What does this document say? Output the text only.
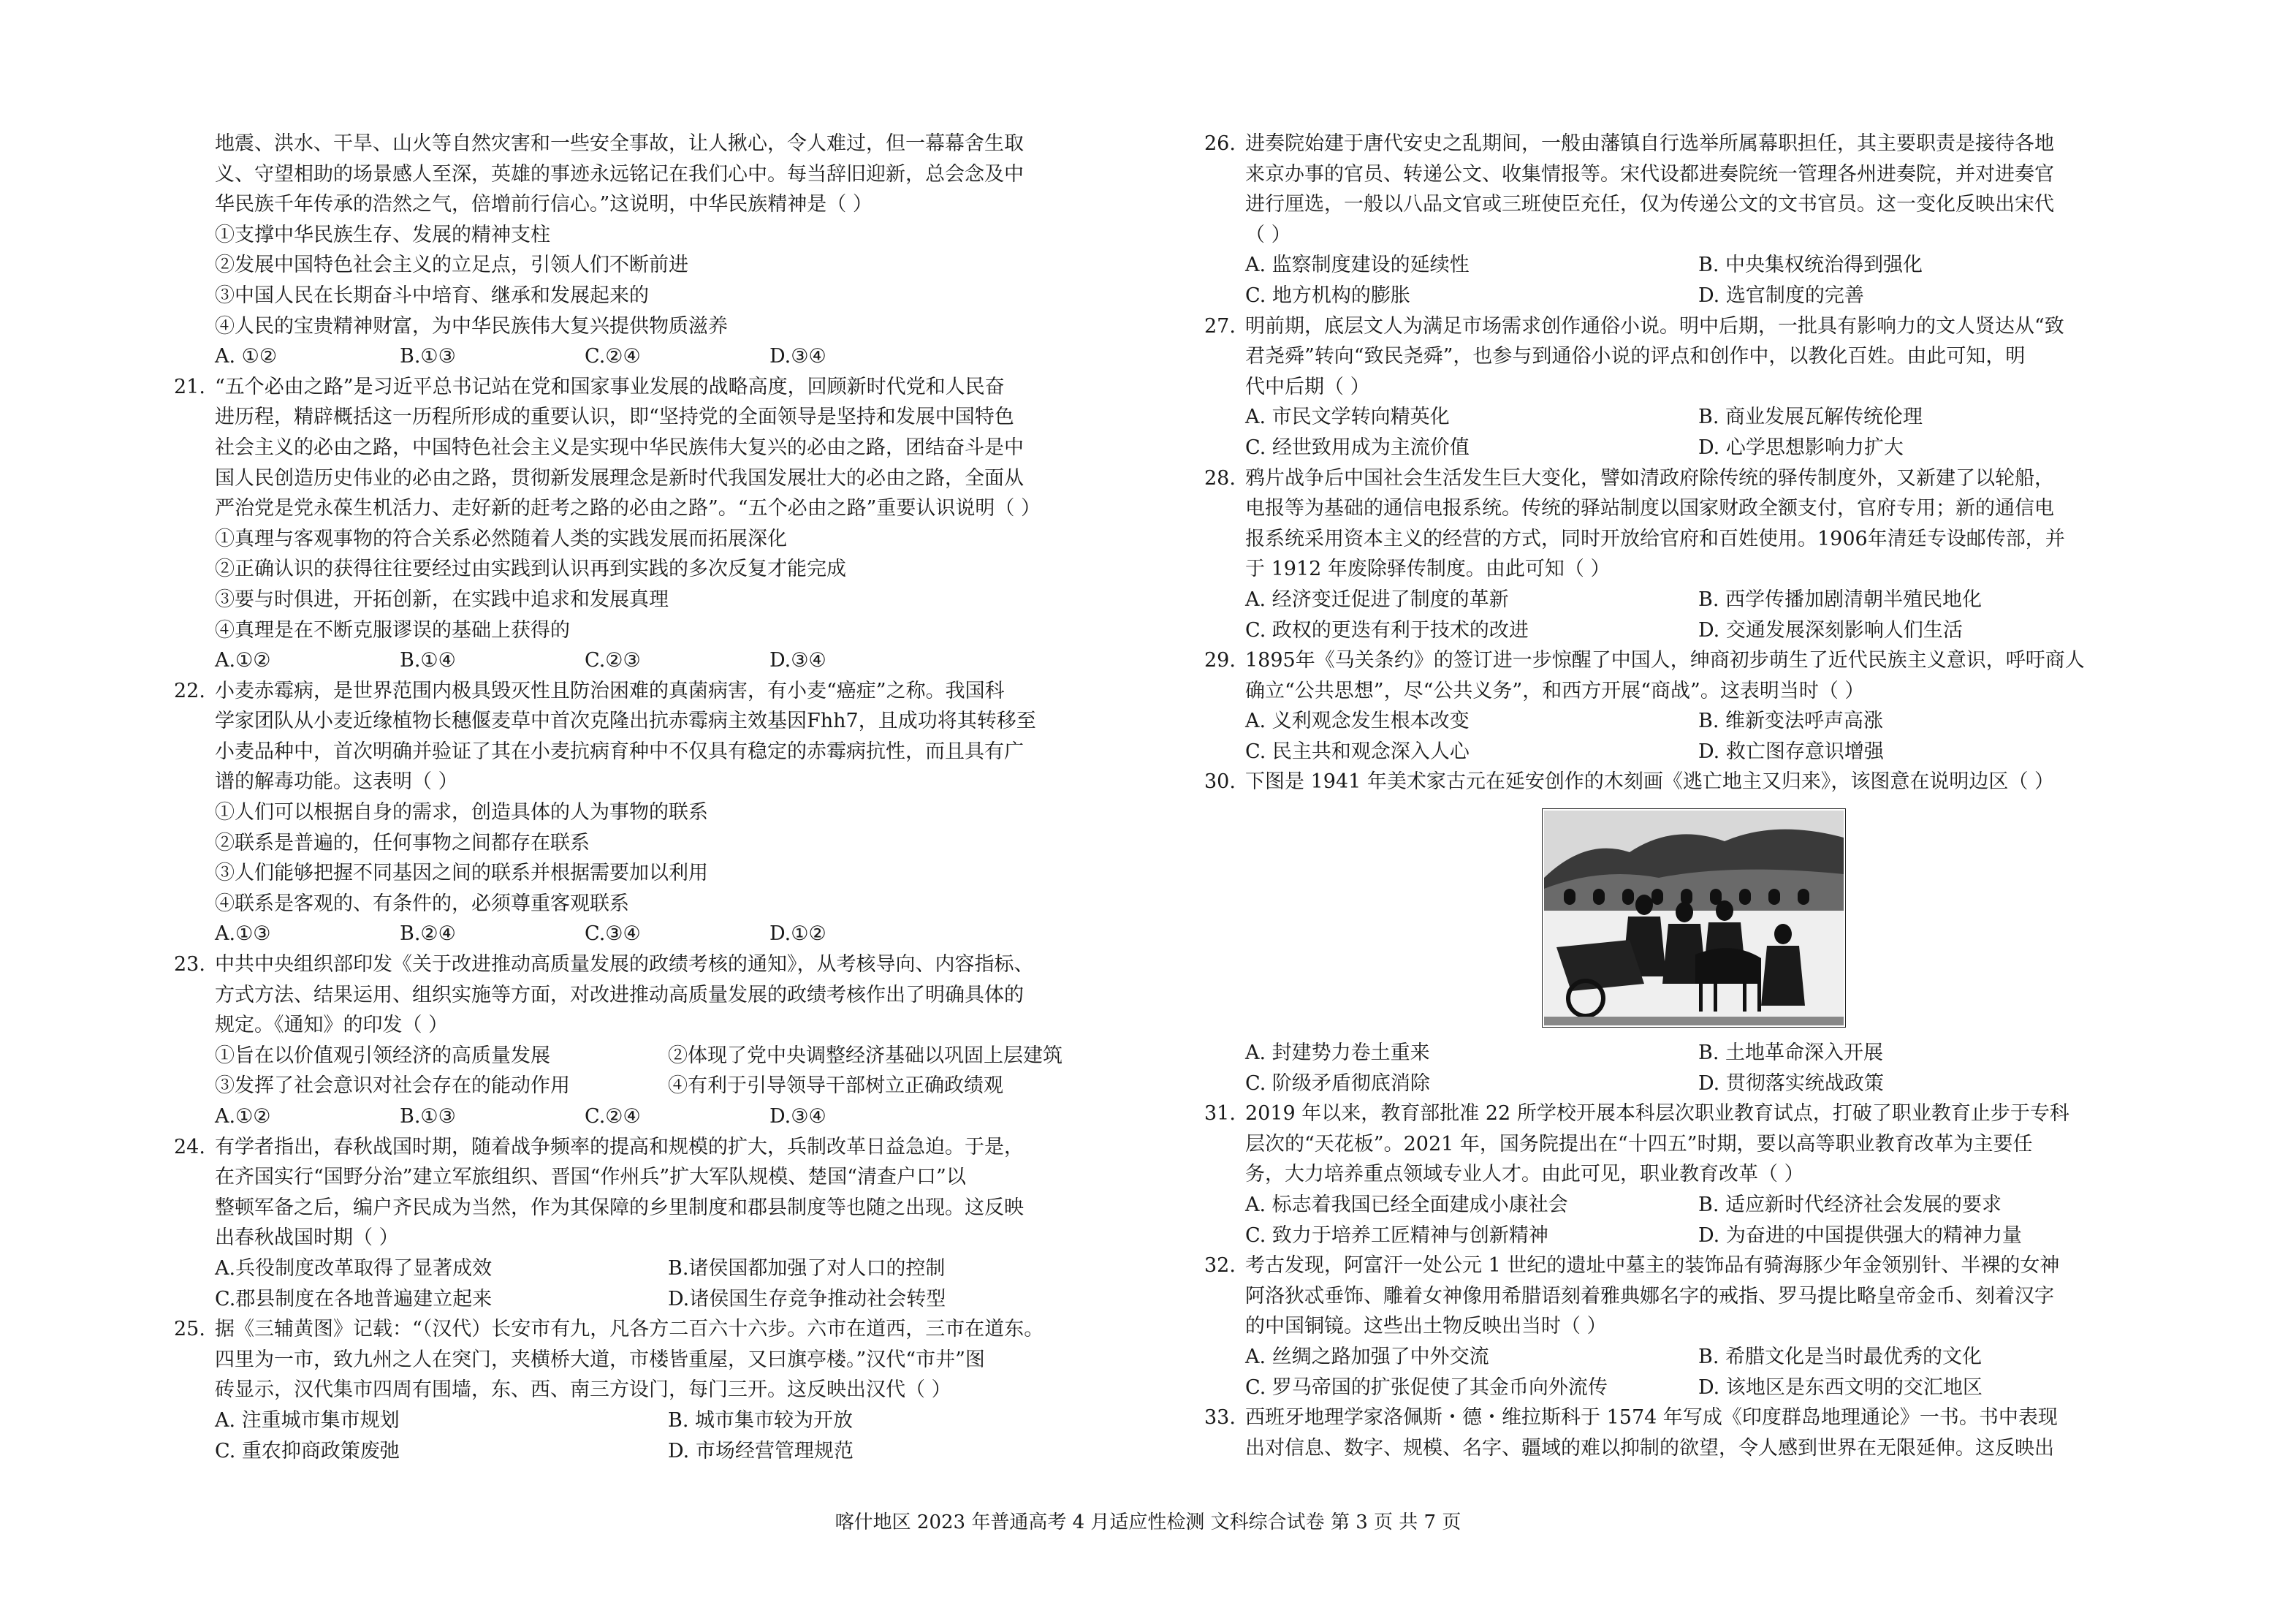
地震、洪水、干旱、山火等自然灾害和一些安全事故，让人揪心，令人难过，但一幕幕舍生取
义、守望相助的场景感人至深，英雄的事迹永远铭记在我们心中。每当辞旧迎新，总会念及中
华民族千年传承的浩然之气，倍增前行信心。”这说明，中华民族精神是（ ）
①支撑中华民族生存、发展的精神支柱
②发展中国特色社会主义的立足点，引领人们不断前进
③中国人民在长期奋斗中培育、继承和发展起来的
④人民的宝贵精神财富，为中华民族伟大复兴提供物质滋养
A. ①②	B.①③	C.②④	D.③④
21. “五个必由之路”是习近平总书记站在党和国家事业发展的战略高度，回顾新时代党和人民奋
进历程，精辟概括这一历程所形成的重要认识，即“坚持党的全面领导是坚持和发展中国特色
社会主义的必由之路，中国特色社会主义是实现中华民族伟大复兴的必由之路，团结奋斗是中
国人民创造历史伟业的必由之路，贯彻新发展理念是新时代我国发展壮大的必由之路，全面从
严治党是党永葆生机活力、走好新的赶考之路的必由之路”。“五个必由之路”重要认识说明（ ）
①真理与客观事物的符合关系必然随着人类的实践发展而拓展深化
②正确认识的获得往往要经过由实践到认识再到实践的多次反复才能完成
③要与时俱进，开拓创新，在实践中追求和发展真理
④真理是在不断克服谬误的基础上获得的
A.①②	B.①④	C.②③	D.③④
22. 小麦赤霉病，是世界范围内极具毁灭性且防治困难的真菌病害，有小麦“癌症”之称。我国科
学家团队从小麦近缘植物长穗偃麦草中首次克隆出抗赤霉病主效基因Fhh7，且成功将其转移至
小麦品种中，首次明确并验证了其在小麦抗病育种中不仅具有稳定的赤霉病抗性，而且具有广
谱的解毒功能。这表明（ ）
①人们可以根据自身的需求，创造具体的人为事物的联系
②联系是普遍的，任何事物之间都存在联系
③人们能够把握不同基因之间的联系并根据需要加以利用
④联系是客观的、有条件的，必须尊重客观联系
A.①③	B.②④	C.③④	D.①②
23. 中共中央组织部印发《关于改进推动高质量发展的政绩考核的通知》，从考核导向、内容指标、
方式方法、结果运用、组织实施等方面，对改进推动高质量发展的政绩考核作出了明确具体的
规定。《通知》的印发（ ）
①旨在以价值观引领经济的高质量发展	②体现了党中央调整经济基础以巩固上层建筑
③发挥了社会意识对社会存在的能动作用	④有利于引导领导干部树立正确政绩观
A.①②	B.①③	C.②④	D.③④
24. 有学者指出，春秋战国时期，随着战争频率的提高和规模的扩大，兵制改革日益急迫。于是，
在齐国实行“国野分治”建立军旅组织、晋国“作州兵”扩大军队规模、楚国“清查户口”以
整顿军备之后，编户齐民成为当然，作为其保障的乡里制度和郡县制度等也随之出现。这反映
出春秋战国时期（ ）
A.兵役制度改革取得了显著成效	B.诸侯国都加强了对人口的控制
C.郡县制度在各地普遍建立起来	D.诸侯国生存竞争推动社会转型
25. 据《三辅黄图》记载：“（汉代）长安市有九，凡各方二百六十六步。六市在道西，三市在道东。
四里为一市，致九州之人在突门，夹横桥大道，市楼皆重屋，又曰旗亭楼。”汉代“市井”图
砖显示，汉代集市四周有围墙，东、西、南三方设门，每门三开。这反映出汉代（ ）
A. 注重城市集市规划	B. 城市集市较为开放
C. 重农抑商政策废弛	D. 市场经营管理规范
26. 进奏院始建于唐代安史之乱期间，一般由藩镇自行选举所属幕职担任，其主要职责是接待各地
来京办事的官员、转递公文、收集情报等。宋代设都进奏院统一管理各州进奏院，并对进奏官
进行厘选，一般以八品文官或三班使臣充任，仅为传递公文的文书官员。这一变化反映出宋代
（ ）
A. 监察制度建设的延续性	B. 中央集权统治得到强化
C. 地方机构的膨胀	D. 选官制度的完善
27. 明前期，底层文人为满足市场需求创作通俗小说。明中后期，一批具有影响力的文人贤达从“致
君尧舜”转向“致民尧舜”，也参与到通俗小说的评点和创作中，以教化百姓。由此可知，明
代中后期（ ）
A. 市民文学转向精英化	B. 商业发展瓦解传统伦理
C. 经世致用成为主流价值	D. 心学思想影响力扩大
28. 鸦片战争后中国社会生活发生巨大变化，譬如清政府除传统的驿传制度外，又新建了以轮船，
电报等为基础的通信电报系统。传统的驿站制度以国家财政全额支付，官府专用；新的通信电
报系统采用资本主义的经营的方式，同时开放给官府和百姓使用。1906年清廷专设邮传部，并
于 1912 年废除驿传制度。由此可知（ ）
A. 经济变迁促进了制度的革新	B. 西学传播加剧清朝半殖民地化
C. 政权的更迭有利于技术的改进	D. 交通发展深刻影响人们生活
29. 1895年《马关条约》的签订进一步惊醒了中国人，绅商初步萌生了近代民族主义意识，呼吁商人
确立“公共思想”，尽“公共义务”，和西方开展“商战”。这表明当时（ ）
A. 义利观念发生根本改变	B. 维新变法呼声高涨
C. 民主共和观念深入人心	D. 救亡图存意识增强
30. 下图是 1941 年美术家古元在延安创作的木刻画《逃亡地主又归来》，该图意在说明边区（ ）
A. 封建势力卷土重来	B. 土地革命深入开展
C. 阶级矛盾彻底消除	D. 贯彻落实统战政策
31. 2019 年以来，教育部批准 22 所学校开展本科层次职业教育试点，打破了职业教育止步于专科
层次的“天花板”。2021 年，国务院提出在“十四五”时期，要以高等职业教育改革为主要任
务，大力培养重点领域专业人才。由此可见，职业教育改革（ ）
A. 标志着我国已经全面建成小康社会	B. 适应新时代经济社会发展的要求
C. 致力于培养工匠精神与创新精神	D. 为奋进的中国提供强大的精神力量
32. 考古发现，阿富汗一处公元 1 世纪的遗址中墓主的装饰品有骑海豚少年金领别针、半裸的女神
阿洛狄忒垂饰、雕着女神像用希腊语刻着雅典娜名字的戒指、罗马提比略皇帝金币、刻着汉字
的中国铜镜。这些出土物反映出当时（ ）
A. 丝绸之路加强了中外交流	B. 希腊文化是当时最优秀的文化
C. 罗马帝国的扩张促使了其金币向外流传	D. 该地区是东西文明的交汇地区
33. 西班牙地理学家洛佩斯・德・维拉斯科于 1574 年写成《印度群岛地理通论》一书。书中表现
出对信息、数字、规模、名字、疆域的难以抑制的欲望，令人感到世界在无限延伸。这反映出
喀什地区 2023 年普通高考 4 月适应性检测 文科综合试卷 第 3 页 共 7 页
